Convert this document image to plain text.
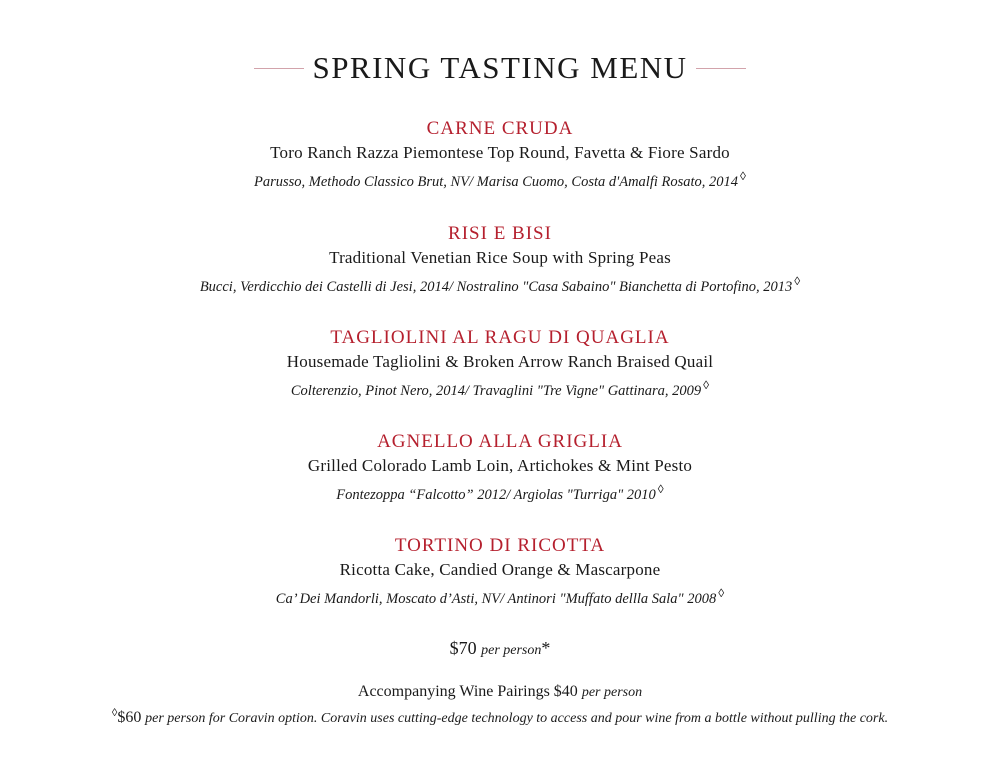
SPRING TASTING MENU
CARNE CRUDA
Toro Ranch Razza Piemontese Top Round, Favetta & Fiore Sardo
Parusso, Methodo Classico Brut, NV/ Marisa Cuomo, Costa d'Amalfi Rosato, 2014 ◊
RISI E BISI
Traditional Venetian Rice Soup with Spring Peas
Bucci, Verdicchio dei Castelli di Jesi, 2014/ Nostralino "Casa Sabaino" Bianchetta di Portofino, 2013 ◊
TAGLIOLINI AL RAGU DI QUAGLIA
Housemade Tagliolini & Broken Arrow Ranch Braised Quail
Colterenzio, Pinot Nero, 2014/ Travaglini "Tre Vigne" Gattinara, 2009 ◊
AGNELLO ALLA GRIGLIA
Grilled Colorado Lamb Loin, Artichokes & Mint Pesto
Fontezoppa “Falcotto” 2012/ Argiolas "Turriga" 2010 ◊
TORTINO DI RICOTTA
Ricotta Cake, Candied Orange & Mascarpone
Ca’ Dei Mandorli, Moscato d’Asti, NV/ Antinori "Muffato dellla Sala" 2008 ◊
$70 per person*
Accompanying Wine Pairings $40 per person
◊$60 per person for Coravin option. Coravin uses cutting-edge technology to access and pour wine from a bottle without pulling the cork.
